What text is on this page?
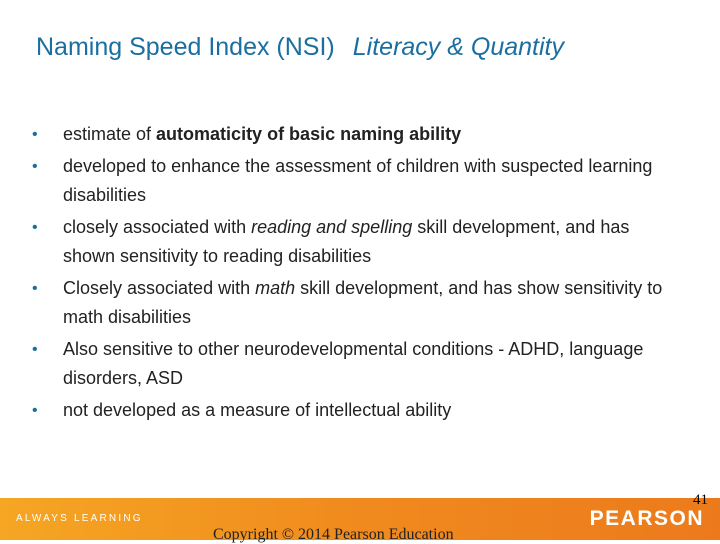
Naming Speed Index (NSI) Literacy & Quantity
• estimate of automaticity of basic naming ability
• developed to enhance the assessment of children with suspected learning disabilities
• closely associated with reading and spelling skill development, and has shown sensitivity to reading disabilities
• Closely associated with math skill development, and has show sensitivity to math disabilities
• Also sensitive to other neurodevelopmental conditions - ADHD, language disorders, ASD
• not developed as a measure of intellectual ability
ALWAYS LEARNING	PEARSON
41
Copyright © 2014 Pearson Education
